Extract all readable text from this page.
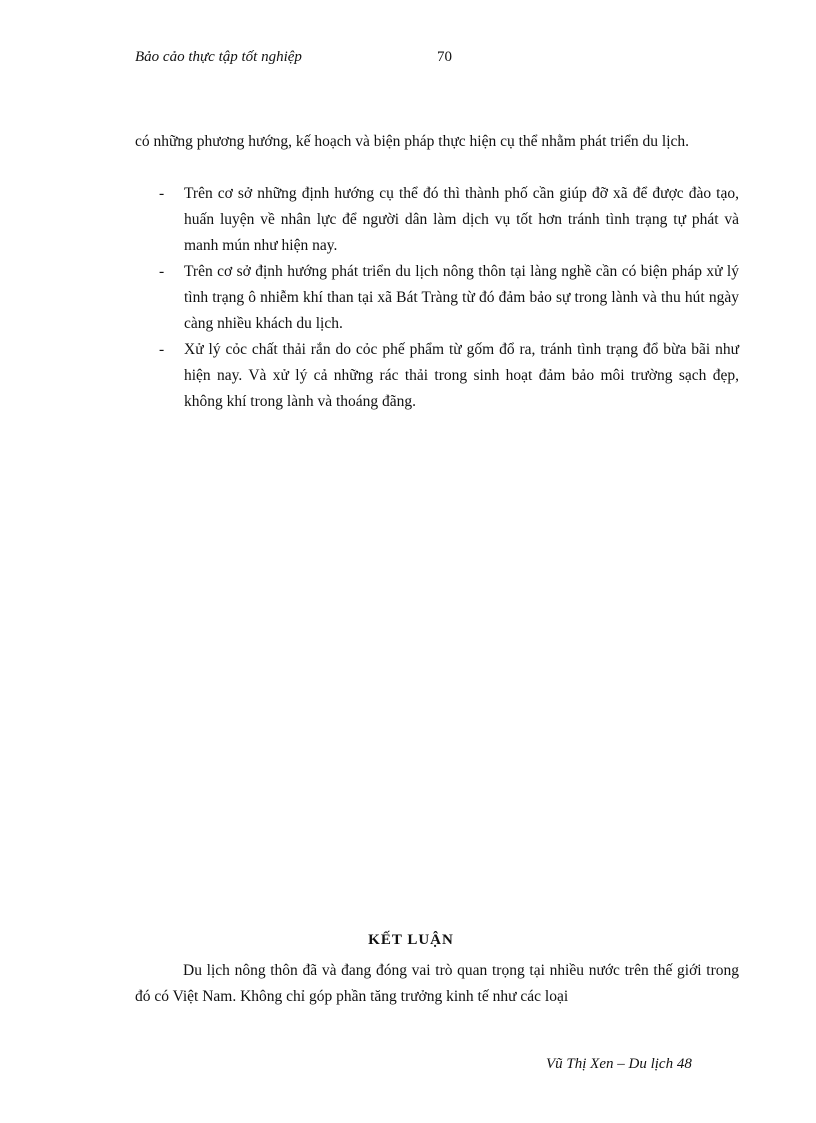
Bảo cảo thực tập tốt nghiệp	70

có những phương hướng, kế hoạch và biện pháp thực hiện cụ thể nhằm phát triển du lịch.

- Trên cơ sở những định hướng cụ thể đó thì thành phố cần giúp đỡ xã để được đào tạo, huấn luyện về nhân lực để người dân làm dịch vụ tốt hơn tránh tình trạng tự phát và manh mún như hiện nay.
- Trên cơ sở định hướng phát triển du lịch nông thôn tại làng nghề cần có biện pháp xử lý tình trạng ô nhiễm khí than tại xã Bát Tràng từ đó đảm bảo sự trong lành và thu hút ngày càng nhiều khách du lịch.
- Xử lý cỏc chất thải rắn do cỏc phế phẩm từ gốm đổ ra, tránh tình trạng đổ bừa bãi như hiện nay. Và xử lý cả những rác thải trong sinh hoạt đảm bảo môi trường sạch đẹp, không khí trong lành và thoáng đãng.
KẾT LUẬN

Du lịch nông thôn đã và đang đóng vai trò quan trọng tại nhiều nước trên thế giới trong đó có Việt Nam. Không chỉ góp phần tăng trưởng kinh tế như các loại

Vũ Thị Xen – Du lịch 48
